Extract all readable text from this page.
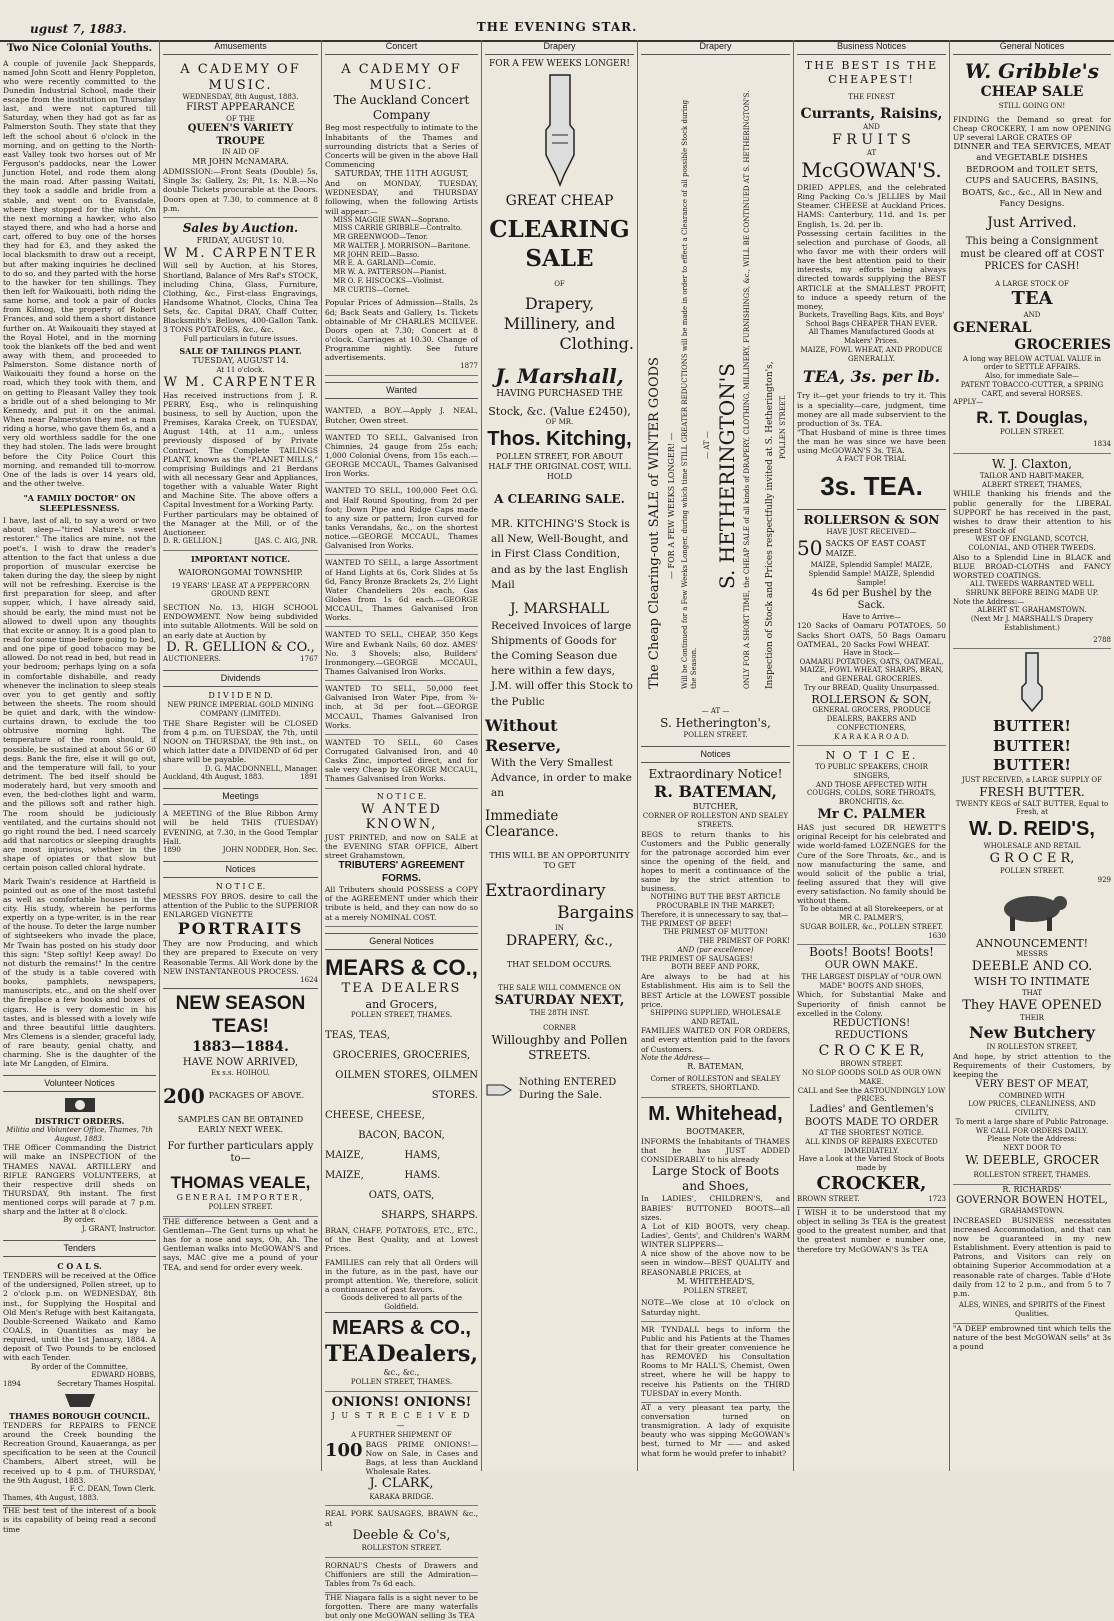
ugust 7, 1883.	THE EVENING STAR.
Two Nice Colonial Youths.
A couple of juvenile Jack Sheppards, named John Scott and Henry Poppleton, who were recently committed to the Dunedin Industrial School, made their escape from the institution on Thursday last, and were not captured till Saturday, when they had got as far as Palmerston South. They state that they left the school about 6 o'clock in the morning, and on getting to the North-east Valley took two horses out of Mr Ferguson's paddocks, near the Lower Junction Hotel, and rode them along the main road. After passing Waitati, they took a saddle and bridle from a stable, and went on to Evansdale, where they stopped for the night. On the next morning a hawker, who also stayed there, and who had a horse and cart, offered to buy one of the horses they had for £3, and they asked the local blacksmith to draw out a receipt, but after making inquiries he declined to do so, and they parted with the horse to the hawker for ten shillings. They then left for Waikouaiti, both riding the same horse, and took a pair of ducks from Kilmog, the property of Robert Frances, and sold them a short distance further on. At Waikouaiti they stayed at the Royal Hotel, and in the morning took the blankets off the bed and went away with them, and proceeded to Palmerston. Some distance north of Waikouaiti they found a horse on the road, which they took with them, and on getting to Pleasant Valley they took a bridle out of a shed belonging to Mr Kennedy, and put it on the animal. When near Palmerston they met a man riding a horse, who gave them 6s, and a very old worthless saddle for the one they had stolen. The lads were brought before the City Police Court this morning, and remanded till to-morrow. One of the lads is over 14 years old, and the other twelve.
"A FAMILY DOCTOR" ON SLEEPLESSNESS.
I have, last of all, to say a word or two about sleep—"tired Nature's sweet restorer." The italics are mine, not the poet's. I wish to draw the reader's attention to the fact that unless a due proportion of muscular exercise be taken during the day, the sleep by night will not be refreshing. Exercise is the first preparation for sleep, and after supper, which, I have already said, should be early, the mind must not be allowed to dwell upon any thoughts that excite or annoy. It is a good plan to read for some time before going to bed, and one pipe of good tobacco may be allowed. Do not read in bed, but read in your bedroom; perhaps lying on a sofa in comfortable dishabille, and ready whenever the inclination to sleep steals over you to get gently and softly between the sheets. The room should be quiet and dark, with the window-curtains drawn, to exclude the too obtrusive morning light. The temperature of the room should, if possible, be sustained at about 56 or 60 degs. Bank the fire, else it will go out, and the temperature will fall, to your detriment. The bed itself should be moderately hard, but very smooth and even, the bed-clothes light and warm, and the pillows soft and rather high. The room should be judiciously ventilated, and the curtains should not go right round the bed. I need scarcely add that narcotics or sleeping draughts are most injurious, whether in the shape of opiates or that slow but certain poison called chloral hydrate.
Mark Twain's residence at Hartfield is pointed out as one of the most tasteful as well as comfortable houses in the city. His study, wherein he performs expertly on a type-writer, is in the rear of the house. To deter the large number of sightseekers who invade the place, Mr Twain has posted on his study door this sign: "Step softly! Keep away! Do not disturb the remains!" In the centre of the study is a table covered with books, pamphlets, newspapers, manuscripts, etc., and on the shelf over the fireplace a few books and boxes of cigars. He is very domestic in his tastes, and is blessed with a lovely wife and three beautiful little daughters. Mrs Clemens is a slender, graceful lady, of rare beauty, genial chatty, and charming. She is the daughter of the late Mr Langden, of Elmira.
Volunteer Notices
DISTRICT ORDERS.
Militia and Volunteer Office, Thames, 7th August, 1883.
THE Officer Commanding the District will make an INSPECTION of the THAMES NAVAL ARTILLERY and RIFLE RANGERS VOLUNTEERS, at their respective drill sheds on THURSDAY, 9th instant. The first mentioned corps will parade at 7 p.m. sharp and the latter at 8 o'clock.
By order.
J. GRANT, Instructor.
Tenders
C O A L S.
TENDERS will be received at the Office of the undersigned, Pollen street, up to 2 o'clock p.m. on WEDNESDAY, 8th inst., for Supplying the Hospital and Old Men's Refuge with best Kaitangata, Double-Screened Waikato and Kamo COALS, in Quantities as may be required, until the 1st January, 1884. A deposit of Two Pounds to be enclosed with each Tender.
By order of the Committee,
EDWARD HOBBS,
1894	Secretary Thames Hospital.
THAMES BOROUGH COUNCIL.
TENDERS for REPAIRS to FENCE around the Creek bounding the Recreation Ground, Kauaeranga, as per specification to be seen at the Council Chambers, Albert street, will be received up to 4 p.m. of THURSDAY, the 9th August, 1883.
F. C. DEAN, Town Clerk.
Thames, 4th August, 1883.
THE best test of the interest of a book is its capability of being read a second time
Amusements
A CADEMY OF MUSIC.
WEDNESDAY, 8th August, 1883.
FIRST APPEARANCE
OF THE
QUEEN'S VARIETY TROUPE
IN AID OF
MR JOHN McNAMARA.
ADMISSION:—Front Seats (Double) 5s, Single 3s; Gallery, 2s; Pit, 1s. N.B.—No double Tickets procurable at the Doors. Doors open at 7.30, to commence at 8 p.m.
Sales by Auction.
FRIDAY, AUGUST 10.
W M. CARPENTER
Will sell by Auction, at his Stores, Shortland, Balance of Mrs Raf's STOCK, including China, Glass, Furniture, Clothing, &c., First-class Engravings, Handsome Whatnot, Clocks, China Tea Sets, &c. Capital DRAY, Chaff Cutter, Blacksmith's Bellows, 400-Gallon Tank. 3 TONS POTATOES, &c., &c.
Full particulars in future issues.
SALE OF TAILINGS PLANT.
TUESDAY, AUGUST 14.
At 11 o'clock.
W M. CARPENTER
Has received instructions from J. R. PERRY, Esq., who is relinquishing business, to sell by Auction, upon the Premises, Karaka Creek, on TUESDAY, August 14th, at 11 a.m., unless previously disposed of by Private Contract, The Complete TAILINGS PLANT, known as the "PLANET MILLS," comprising Buildings and 21 Berdans with all necessary Gear and Appliances, together with a valuable Water Right and Machine Site. The above offers a Capital Investment for a Working Party.
Further particulars may be obtained of the Manager at the Mill, or of the Auctioneer.
D. R. GELLION.]	[JAS. C. AIG, JNR.
IMPORTANT NOTICE.
WAIORONGOMAI TOWNSHIP.
19 YEARS' LEASE AT A PEPPERCORN GROUND RENT.
SECTION No. 13, HIGH SCHOOL ENDOWMENT. Now being subdivided into suitable Allotments. Will be sold on an early date at Auction by
D. R. GELLION & CO.,
AUCTIONEERS.	1767
Dividends
D I V I D E N D.
NEW PRINCE IMPERIAL GOLD MINING COMPANY (LIMITED).
THE Share Register will be CLOSED from 4 p.m. on TUESDAY, the 7th, until NOON on THURSDAY, the 9th inst., on which latter date a DIVIDEND of 6d per share will be payable.
D. G. MACDONNELL, Manager.
Auckland, 4th August, 1883.	1891
Meetings
A MEETING of the Blue Ribbon Army will be held THIS (TUESDAY) EVENING, at 7.30, in the Good Templar Hall.
1890	JOHN NODDER, Hon. Sec.
Notices
N O T I C E.
MESSRS FOY BROS. desire to call the attention of the Public to the SUPERIOR ENLARGED VIGNETTE
PORTRAITS
They are now Producing, and which they are prepared to Execute on very Reasonable Terms. All Work done by the NEW INSTANTANEOUS PROCESS.
1624
NEW SEASON
TEAS!
1883—1884.
HAVE NOW ARRIVED,
Ex s.s. HOIHOU.
200 PACKAGES OF ABOVE.
SAMPLES CAN BE OBTAINED
EARLY NEXT WEEK.
For further particulars apply to—
THOMAS VEALE,
GENERAL IMPORTER,
POLLEN STREET.
THE difference between a Gent and a Gentleman—The Gent turns up what he has for a nose and says, Oh, Ah. The Gentleman walks into McGOWAN'S and says, MAC give me a pound of your TEA, and send for order every week.
Concert
A CADEMY OF MUSIC.
The Auckland Concert Company
Beg most respectfully to intimate to the Inhabitants of the Thames and surrounding districts that a Series of Concerts will be given in the above Hall Commencing
SATURDAY, THE 11TH AUGUST,
And on MONDAY, TUESDAY, WEDNESDAY, and THURSDAY following, when the following Artists will appear:—
MISS MAGGIE SWAN—Soprano.
MISS CARRIE GRIBBLE—Contralto.
MR GREENWOOD—Tenor.
MR WALTER J. MORRISON—Baritone.
MR JOHN REID—Basso.
MR E. A. GARLAND—Comic.
MR W. A. PATTERSON—Pianist.
MR O. F. HISCOCKS—Violinist.
MR CURTIS—Cornet.
Popular Prices of Admission—Stalls, 2s 6d; Back Seats and Gallery, 1s. Tickets obtainable of Mr CHARLES MCILVEE. Doors open at 7.30; Concert at 8 o'clock. Carriages at 10.30. Change of Programme nightly. See future advertisements.
1877
Wanted
WANTED, a BOY.—Apply J. NEAL, Butcher, Owen street.
WANTED TO SELL, Galvanised Iron Chimnies, 24 gauge from 25s each; 1,000 Colonial Ovens, from 15s each.—GEORGE MCCAUL, Thames Galvanised Iron Works.
WANTED TO SELL, 100,000 Feet O.G. and Half Round Spouting, from 2d per foot; Down Pipe and Ridge Caps made to any size or pattern; Iron curved for tanks Verandahs, &c., on the shortest notice.—GEORGE MCCAUL, Thames Galvanised Iron Works.
WANTED TO SELL, a large Assortment of Hand Lights at 6s, Cork Slides at 5s 6d, Fancy Bronze Brackets 2s, 2½ Light Water Chandeliers 20s each, Gas Globes from 1s 6d each.—GEORGE MCCAUL, Thames Galvanised Iron Works.
WANTED TO SELL, CHEAP, 350 Kegs Wire and Ewbank Nails, 60 doz. AMES' No. 3 Shovels; also, Builders' Ironmongery.—GEORGE MCCAUL, Thames Galvanised Iron Works.
WANTED TO SELL, 50,000 feet Galvanised Iron Water Pipe, from ⅜-inch, at 3d per foot.—GEORGE MCCAUL, Thames Galvanised Iron Works.
WANTED TO SELL, 60 Cases Corrugated Galvanised Iron, and 40 Casks Zinc, imported direct, and for sale very Cheap by GEORGE MCCAUL, Thames Galvanised Iron Works.
N O T I C E.
W ANTED KNOWN,
JUST PRINTED, and now on SALE at the EVENING STAR OFFICE, Albert street Grahamstown,
TRIBUTERS' AGREEMENT FORMS.
All Tributers should POSSESS a COPY of the AGREEMENT under which their tribute is held, and they can now do so at a merely NOMINAL COST.
General Notices
MEARS & CO.,
TEA DEALERS
and Grocers,
POLLEN STREET, THAMES.
TEAS, TEAS,
GROCERIES, GROCERIES,
OILMEN STORES, OILMEN STORES.
CHEESE, CHEESE,
BACON, BACON,
MAIZE, MAIZE,
HAMS, HAMS.
OATS, OATS,
SHARPS, SHARPS.
BRAN, CHAFF, POTATOES, ETC., ETC., of the Best Quality, and at Lowest Prices.
FAMILIES can rely that all Orders will in the future, as in the past, have our prompt attention. We, therefore, solicit a continuance of past favors.
Goods delivered to all parts of the Goldfield.
MEARS & CO.,
TEA Dealers,
&c., &c.,
POLLEN STREET, THAMES.
ONIONS! ONIONS!
J U S T R E C E I V E D —
A FURTHER SHIPMENT OF
100 BAGS PRIME ONIONS!—Now on Sale, in Cases and Bags, at less than Auckland Wholesale Rates.
J. CLARK,
KARAKA BRIDGE.
REAL PORK SAUSAGES, BRAWN &c., at
Deeble & Co's,
ROLLESTON STREET.
RORNAU'S Chests of Drawers and Chiffoniers are still the Admiration—Tables from 7s 6d each.
THE Niagara falls is a sight never to be forgotten. There are many waterfalls but only one McGOWAN selling 3s TEA
Drapery
FOR A FEW WEEKS LONGER!
GREAT CHEAP
CLEARING
SALE
OF
Drapery,
Millinery, and
Clothing.
J. Marshall,
HAVING PURCHASED THE
Stock, &c. (Value £2450),
OF MR.
Thos. Kitching,
POLLEN STREET, FOR ABOUT HALF THE ORIGINAL COST, WILL HOLD
A CLEARING SALE.
MR. KITCHING'S Stock is all New, Well-Bought, and in First Class Condition, and as by the last English Mail
J. MARSHALL
Received Invoices of large Shipments of Goods for the Coming Season due here within a few days, J.M. will offer this Stock to the Public
Without Reserve,
With the Very Smallest Advance, in order to make an
Immediate Clearance.
THIS WILL BE AN OPPORTUNITY TO GET
Extraordinary
Bargains
IN
DRAPERY, &c.,
THAT SELDOM OCCURS.
THE SALE WILL COMMENCE ON
SATURDAY NEXT,
THE 28TH INST.
CORNER
Willoughby and Pollen
STREETS.
Nothing ENTERED During the Sale.
Drapery
The Cheap Clearing-out SALE of WINTER GOODS — FOR A FEW WEEKS LONGER! — Will be Continued for a Few Weeks Longer, during which time STILL GREATER REDUCTIONS will be made in order to effect a Clearance of all possible Stock during the Season.
— AT — S. HETHERINGTON'S ONLY FOR A SHORT TIME, the CHEAP SALE of all kinds of DRAPERY, CLOTHING, MILLINERY, FURNISHINGS, &c., WILL BE CONTINUED AT S. HETHERINGTON'S. Inspection of Stock and Prices respectfully invited at S. Hetherington's, POLLEN STREET.
— AT —
S. Hetherington's,
POLLEN STREET.
Notices
Extraordinary Notice!
R. BATEMAN,
BUTCHER,
CORNER OF ROLLESTON AND SEALEY STREETS.
BEGS to return thanks to his Customers and the Public generally for the patronage accorded him ever since the opening of the field, and hopes to merit a continuance of the same by the strict attention to business.
NOTHING BUT THE BEST ARTICLE PROCURABLE IN THE MARKET;
Therefore, it is unnecessary to say, that—
THE PRIMEST OF BEEF!
THE PRIMEST OF MUTTON!
THE PRIMEST OF PORK!
AND (par excellence)
THE PRIMEST OF SAUSAGES!
BOTH BEEF AND PORK,
Are always to be had at his Establishment. His aim is to Sell the BEST Article at the LOWEST possible price.
SHIPPING SUPPLIED, WHOLESALE AND RETAIL.
FAMILIES WAITED ON FOR ORDERS, and every attention paid to the favors of Customers.
Note the Address—
R. BATEMAN,
Corner of ROLLESTON and SEALEY STREETS, SHORTLAND.
M. Whitehead,
BOOTMAKER,
INFORMS the Inhabitants of THAMES that he has JUST ADDED CONSIDERABLY to his already
Large Stock of Boots and Shoes,
In LADIES', CHILDREN'S, and BABIES' BUTTONED BOOTS—all sizes.
A Lot of KID BOOTS, very cheap. Ladies', Gents', and Children's WARM WINTER SLIPPERS—
A nice show of the above now to be seen in window—BEST QUALITY and REASONABLE PRICES, at
M. WHITEHEAD'S,
POLLEN STREET,
NOTE—We close at 10 o'clock on Saturday night.
MR TYNDALL begs to inform the Public and his Patients at the Thames that for their greater convenience he has REMOVED his Consultation Rooms to Mr HALL'S, Chemist, Owen street, where he will be happy to receive his Patients on the THIRD TUESDAY in every Month.
AT a very pleasant tea party, the conversation turned on transmigration. A lady of exquisite beauty who was sipping McGOWAN's best, turned to Mr —— and asked what form he would prefer to inhabit?
Business Notices
THE BEST IS THE CHEAPEST!
THE FINEST
Currants, Raisins,
AND
F R U I T S
AT
McGOWAN'S.
DRIED APPLES, and the celebrated Ring Packing Co.'s JELLIES by Mail Steamer. CHEESE at Auckland Prices. HAMS: Canterbury, 11d. and 1s. per English, 1s. 2d. per lb.
Possessing certain facilities in the selection and purchase of Goods, all who favor me with their orders will have the best attention paid to their interests, my efforts being always directed towards supplying the BEST ARTICLE at the SMALLEST PROFIT, to induce a speedy return of the money.
Buckets, Travelling Bags, Kits, and Boys' School Bags CHEAPER THAN EVER.
All Thames Manufactured Goods at Makers' Prices.
MAIZE, FOWL WHEAT, AND PRODUCE GENERALLY.
TEA, 3s. per lb.
Try it—get your friends to try it. This is a speciality—care, judgment, time money are all made subservient to the production of 3s. TEA.
"That Husband of mine is three times the man he was since we have been using McGOWAN'S 3s. TEA.
A FACT FOR TRIAL
3s. TEA.
ROLLERSON & SON
HAVE JUST RECEIVED—
50 SACKS OF EAST COAST MAIZE.
MAIZE, Splendid Sample! MAIZE, Splendid Sample! MAIZE, Splendid Sample!
4s 6d per Bushel by the Sack.
Have to Arrive—
120 Sacks of Oamaru POTATOES, 50 Sacks Short OATS, 50 Bags Oamaru OATMEAL, 20 Sacks Fowl WHEAT.
Have in Stock—
OAMARU POTATOES, OATS, OATMEAL, MAIZE, FOWL WHEAT, SHARPS, BRAN, and GENERAL GROCERIES.
Try our BREAD, Quality Unsurpassed.
ROLLERSON & SON,
GENERAL GROCERS, PRODUCE DEALERS, BAKERS AND CONFECTIONERS,
K A R A K A R O A D.
N O T I C E.
TO PUBLIC SPEAKERS, CHOIR SINGERS,
AND THOSE AFFECTED WITH
COUGHS, COLDS, SORE THROATS, BRONCHITIS, &c.
Mr C. PALMER
HAS just secured DR HEWETT'S original Receipt for his celebrated and wide world-famed LOZENGES for the Cure of the Sore Throats, &c., and is now manufacturing the same, and would solicit of the public a trial, feeling assured that they will give every satisfaction. No family should be without them.
To be obtained at all Storekeepers, or at
MR C. PALMER'S,
SUGAR BOILER, &c., POLLEN STREET.
1630
Boots! Boots! Boots!
OUR OWN MAKE.
THE LARGEST DISPLAY of "OUR OWN MADE" BOOTS AND SHOES,
Which, for Substantial Make and Superiority of finish cannot be excelled in the Colony.
REDUCTIONS! REDUCTIONS
C R O C K E R,
BROWN STREET.
NO SLOP GOODS SOLD AS OUR OWN MAKE.
CALL and See the ASTOUNDINGLY LOW PRICES.
Ladies' and Gentlemen's
BOOTS MADE TO ORDER
AT THE SHORTEST NOTICE.
ALL KINDS OF REPAIRS EXECUTED IMMEDIATELY.
Have a Look at the Varied Stock of Boots made by
CROCKER,
BROWN STREET.	1723
I WISH it to be understood that my object in selling 3s TEA is the greatest good to the greatest number, and that the greatest number e number one, therefore try McGOWAN'S 3s TEA
General Notices
W. Gribble's
CHEAP SALE
STILL GOING ON!
FINDING the Demand so great for Cheap CROCKERY, I am now OPENING UP several LARGE CRATES OF
DINNER and TEA SERVICES, MEAT and VEGETABLE DISHES BEDROOM and TOILET SETS, CUPS and SAUCERS, BASINS, BOATS, &c., &c., All in New and Fancy Designs.
Just Arrived.
This being a Consignment must be cleared off at COST PRICES for CASH!
A LARGE STOCK OF
TEA
AND
GENERAL
GROCERIES
A long way BELOW ACTUAL VALUE in order to SETTLE AFFAIRS.
Also, for immediate Sale—
PATENT TOBACCO-CUTTER, a SPRING CART, and several HORSES.
APPLY—
R. T. Douglas,
POLLEN STREET.
1834
W. J. Claxton,
TAILOR AND HABIT-MAKER,
ALBERT STREET, THAMES,
WHILE thanking his friends and the public generally for the LIBERAL SUPPORT he has received in the past, wishes to draw their attention to his present Stock of
WEST OF ENGLAND, SCOTCH, COLONIAL, AND OTHER TWEEDS.
Also to a Splendid Line in BLACK and BLUE BROAD-CLOTHS and FANCY WORSTED COATINGS.
ALL TWEEDS WARRANTED WELL SHRUNK BEFORE BEING MADE UP.
Note the Address:—
ALBERT ST. GRAHAMSTOWN.
(Next Mr J. MARSHALL'S Drapery Establishment.)
2788
BUTTER! BUTTER! BUTTER!
JUST RECEIVED, a LARGE SUPPLY OF
FRESH BUTTER.
TWENTY KEGS of SALT BUTTER, Equal to Fresh, at
W. D. REID'S,
WHOLESALE AND RETAIL
G R O C E R,
POLLEN STREET.
929
ANNOUNCEMENT!
MESSRS
DEEBLE AND CO.
WISH TO INTIMATE
THAT
They HAVE OPENED
THEIR
New Butchery
IN ROLLESTON STREET,
And hope, by strict attention to the Requirements of their Customers, by keeping the
VERY BEST OF MEAT,
COMBINED WITH
LOW PRICES, CLEANLINESS, AND CIVILITY,
To merit a large share of Public Patronage.
WE CALL FOR ORDERS DAILY.
Please Note the Address:
NEXT DOOR TO
W. DEEBLE, GROCER
ROLLESTON STREET, THAMES.
R. RICHARDS'
GOVERNOR BOWEN HOTEL,
GRAHAMSTOWN.
INCREASED BUSINESS necessitates increased Accommodation, and that can now be guaranteed in my new Establishment. Every attention is paid to Patrons, and Visitors can rely on obtaining Superior Accommodation at a reasonable rate of charges. Table d'Hote daily from 12 to 2 p.m., and from 5 to 7 p.m.
ALES, WINES, and SPIRITS of the Finest Qualities.
"A DEEP embrowned tint which tells the nature of the best McGOWAN sells" at 3s a pound
